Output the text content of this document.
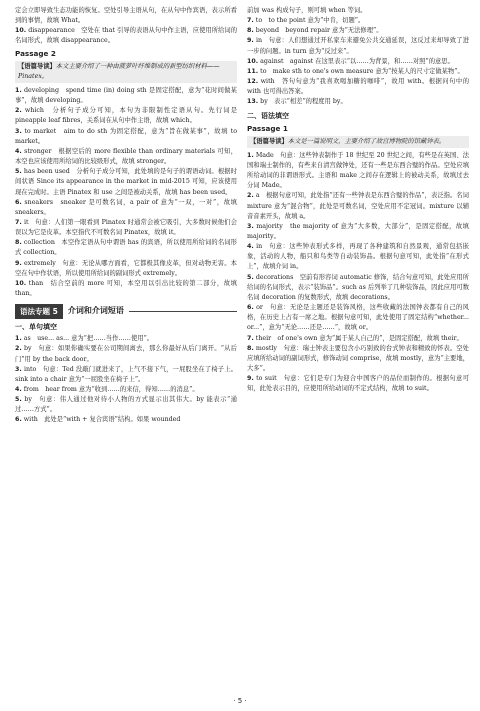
定会立即导致生态功能的恢复。空处引导主语从句，在从句中作宾语，表示所看到的事情，故填 What。

10. disappearance　空处在 that 引导的表语从句中作主语，应使用所给词的名词形式，故填 disappearance。

Passage 2
【语篇导读】本文主要介绍了一种由菠萝叶纤维制成的新型纺织材料——Pinatex。

1. developing　spend time (in) doing sth 是固定搭配，意为“花时间做某事”，故填 developing。

2. which　分析句子成分可知，本句为非限制性定语从句。先行词是 pineapple leaf fibres，关系词在从句中作主语，故填 which。

3. to market　aim to do sth 为固定搭配，意为“旨在做某事”，故填 to market。

4. stronger　根据空后的 more flexible than ordinary materials 可知，本空也应该使用所给词的比较级形式，故填 stronger。

5. has been used　分析句子成分可知，此处填的是句子的谓语动词。根据时间状语 Since its appearance in the market in mid-2015 可知，应该使用现在完成时。主语 Pinatex 和 use 之间是被动关系，故填 has been used。

6. sneakers　sneaker 是可数名词，a pair of 意为“一双，一对”，故填 sneakers。

7. it　句意：人们第一眼看到 Pinatex 时通常会被它吸引，大多数时候他们会误以为它是皮革。本空指代不可数名词 Pinatex，故填 it。

8. collection　本空作定语从句中谓语 has 的宾语，所以使用所给词的名词形式 collection。

9. extremely　句意：无论从哪方面看，它都极其像皮革，但对动物无害。本空在句中作状语，所以使用所给词的副词形式 extremely。

10. than　结合空前的 more 可知，本空用以引出比较的第二部分，故填 than。

语法专题 5	介词和介词短语
一、单句填空

1. as　use... as... 意为“把……当作……使用”。

2. by　句意：如果你确实要在公司期间离去，那么你最好从后门离开。“从后门”用 by the back door。

3. into　句意：Ted 没敲门就进来了，上气不接下气，一屁股坐在了椅子上。sink into a chair 意为“一屁股坐在椅子上”。

4. from　hear from 意为“收到……的来信，得知……的消息”。

5. by　句意：伟人通过他对待小人物的方式显示出其伟大。by 能表示“通过……方式”。

6. with　此处是“with + 复合宾语”结构。如果 wounded

前加 was 构成句子，则可填 when 等词。

7. to　to the point 意为“中肯，切题”。

8. beyond　beyond repair 意为“无法修理”。

9. in　句意：人们想通过开私家车来避免公共交通延误，这反过来却导致了进一步的问题。in turn 意为“反过来”。

10. against　against 在这里表示“以……为背景，和……对照”的意思。

11. to　make sth to one's own measure 意为“按某人的尺寸定做某物”。

12. with　答句句意为“我喜欢喝加糖的咖啡”，故用 with。根据问句中的 with 也可得出答案。

13. by　表示“相差”的程度用 by。

二、语法填空
Passage 1
【语篇导读】本文是一篇说明文，主要介绍了故宫博物院的馆藏钟表。

1. Made　句意：这些钟表制作于 18 世纪至 20 世纪之间，有些是在英国、法国和瑞士制作的，有些来自清宫做钟处，还有一些是东西合璧的作品。空处应填所给动词的非谓语形式。主语和 make 之间存在逻辑上的被动关系，故填过去分词 Made。

2. a　根据句意可知，此处指“还有一些钟表是东西合璧的作品”，表泛指。名词 mixture 意为“混合物”，此处是可数名词，空处应用不定冠词。mixture 以辅音音素开头，故填 a。

3. majority　the majority of 意为“大多数，大部分”，是固定搭配，故填 majority。

4. in　句意：这些钟表形式多样，再现了各种建筑和自然景观，通常包括嵌象，活动的人物，船只和鸟类等自动装饰品。根据句意可知，此处指“在形式上”，故填介词 in。

5. decorations　空前有形容词 automatic 修饰，结合句意可知，此处应用所给词的名词形式，表示“装饰品”。such as 后列举了几种装饰品，因此应用可数名词 decoration 的复数形式，故填 decorations。

6. or　句意：无论是主题还是装饰风格，这些收藏的法国钟表都有自己的风格，在历史上占有一席之地。根据句意可知，此处使用了固定结构“whether... or...”，意为“无论……还是……”，故填 or。

7. their　of one's own 意为“属于某人自己的”，是固定搭配，故填 their。

8. mostly　句意：瑞士钟表主要包含小巧别致的台式钟表和精致的怀表。空处应填所给动词的副词形式，修饰动词 comprise，故填 mostly，意为“主要地，大多”。

9. to suit　句意：它们是专门为迎合中国客户的品位而制作的。根据句意可知，此处表示目的，应使用所给动词的不定式结构，故填 to suit。

· 5 ·
